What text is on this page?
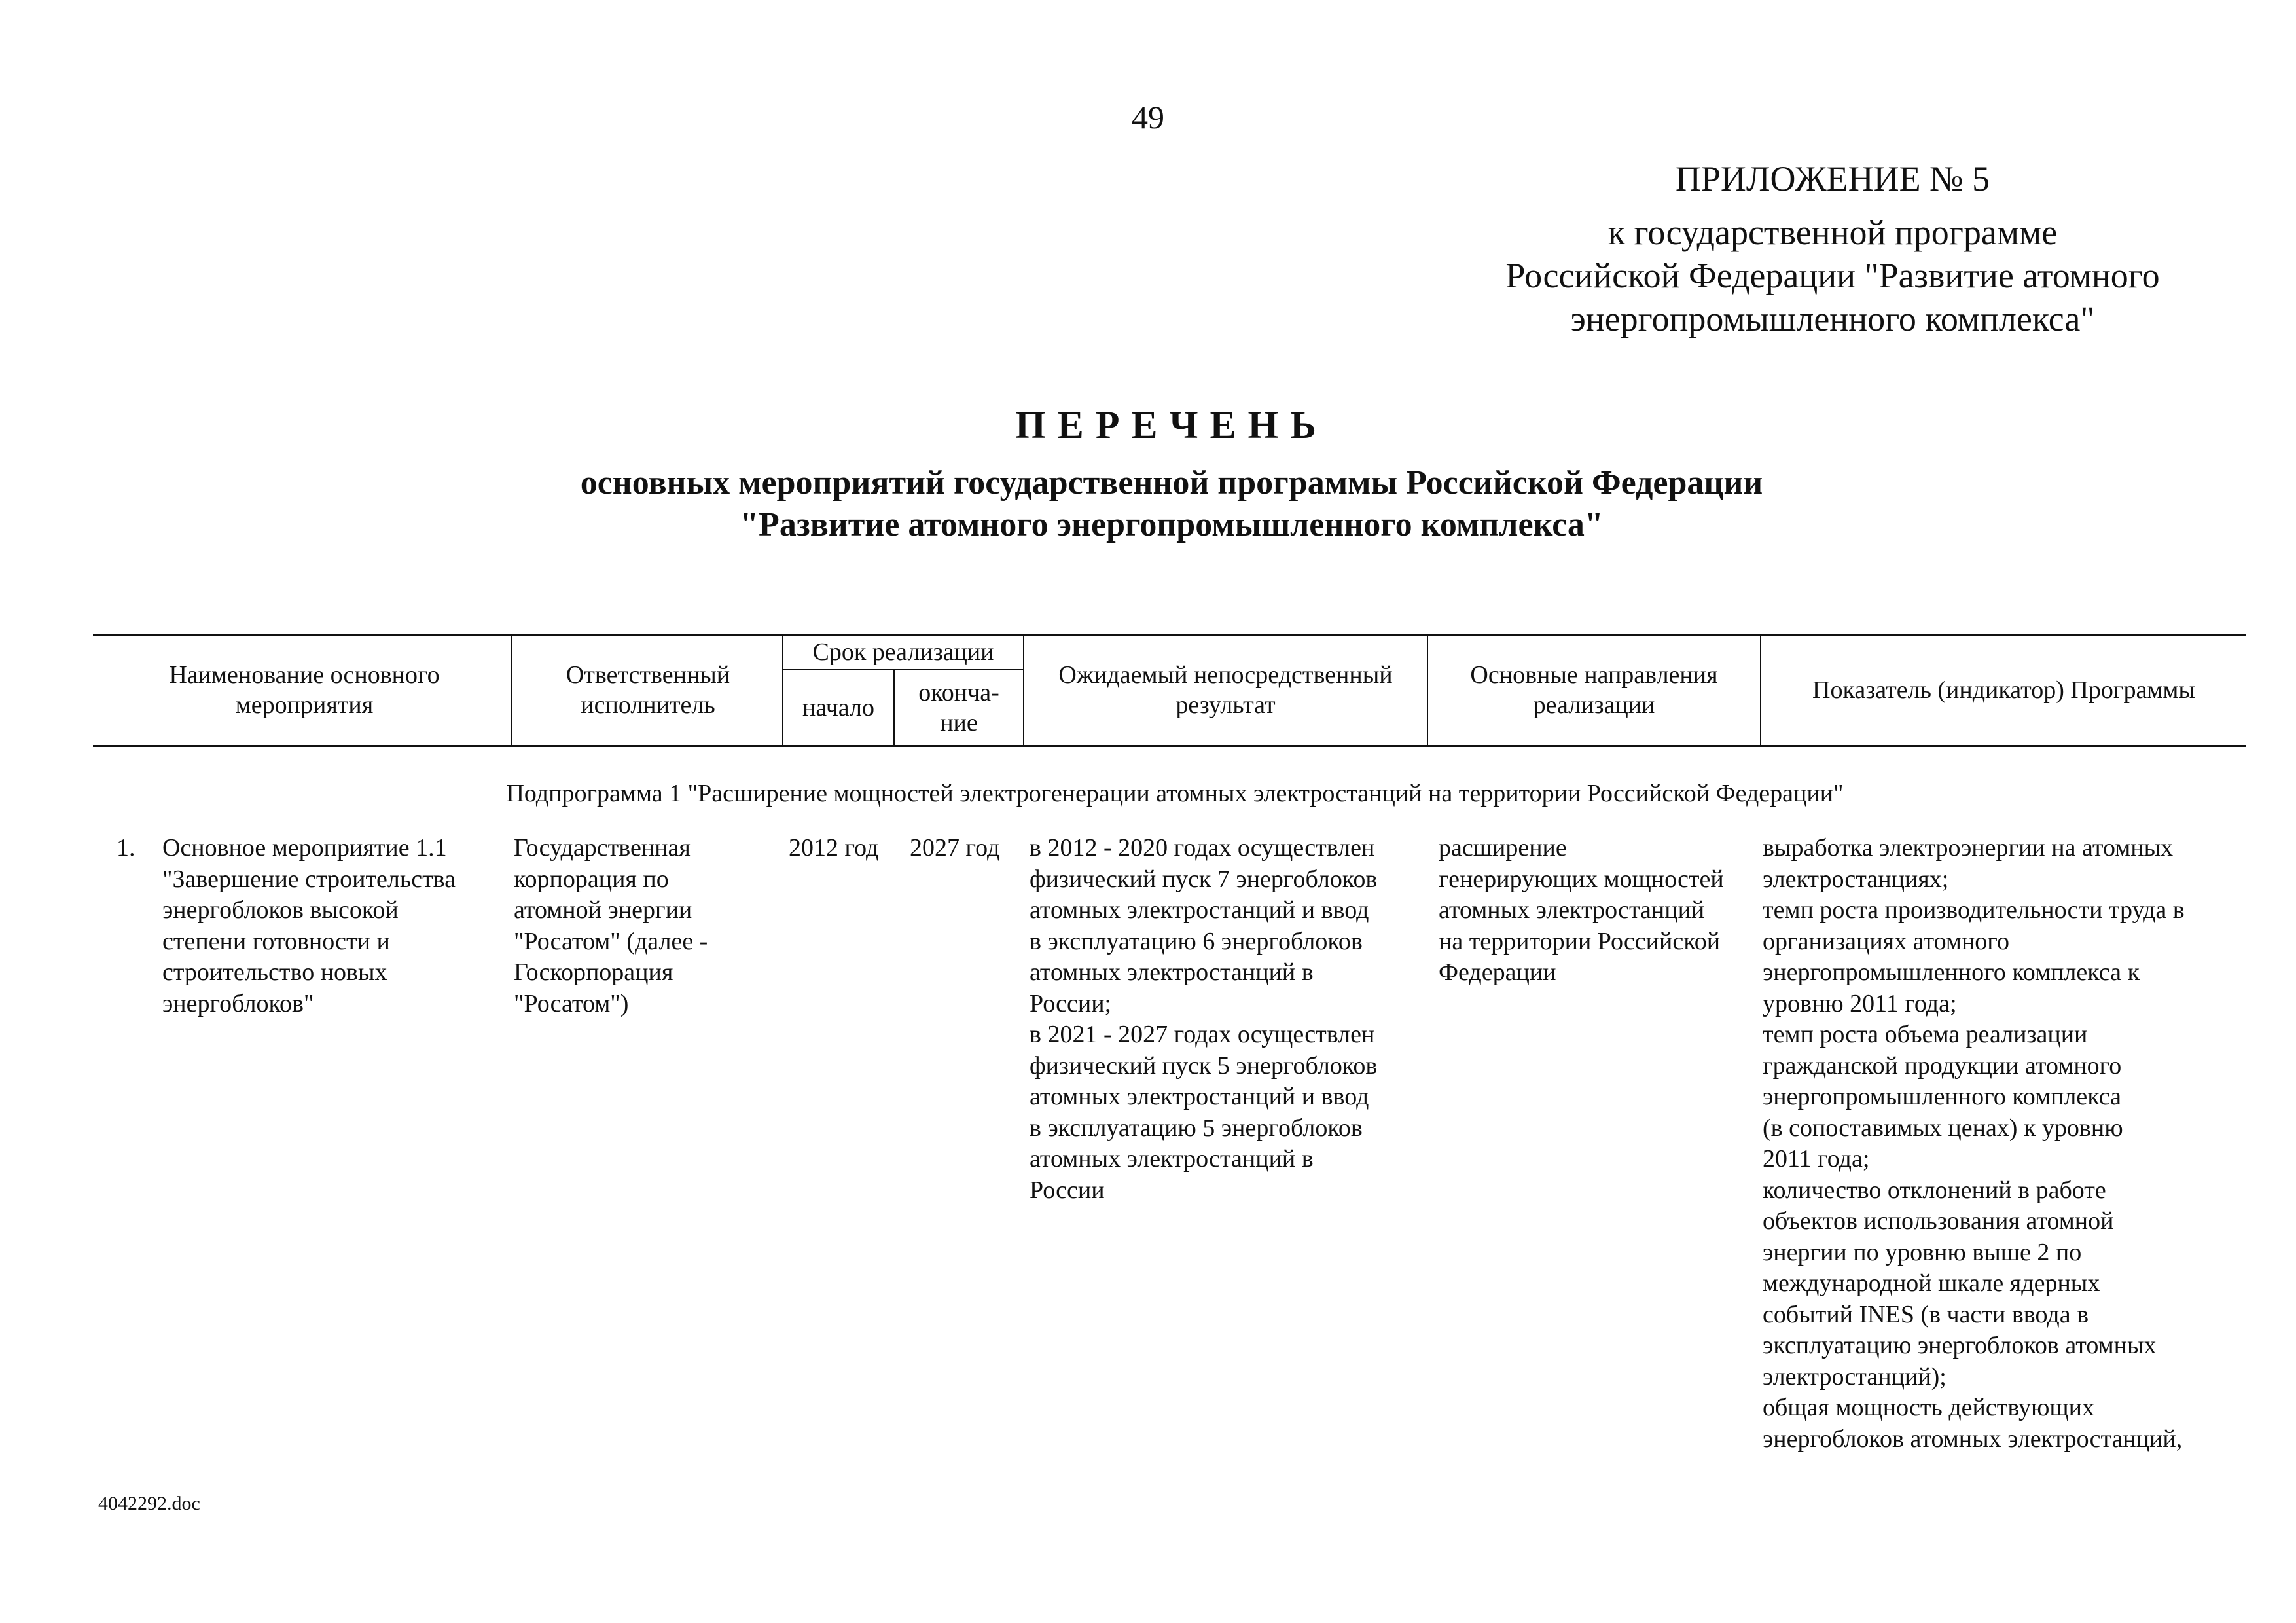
49
ПРИЛОЖЕНИЕ № 5
к государственной программе
Российской Федерации "Развитие атомного
энергопромышленного комплекса"
ПЕРЕЧЕНЬ
основных мероприятий государственной программы Российской Федерации
"Развитие атомного энергопромышленного комплекса"
Наименование основного мероприятия
Ответственный исполнитель
Срок реализации
начало
оконча-
ние
Ожидаемый непосредственный результат
Основные направления реализации
Показатель (индикатор) Программы
Подпрограмма 1 "Расширение мощностей электрогенерации атомных электростанций на территории Российской Федерации"
1. Основное мероприятие 1.1
"Завершение строительства
энергоблоков высокой
степени готовности и
строительство новых
энергоблоков"
Государственная
корпорация по
атомной энергии
"Росатом" (далее -
Госкорпорация
"Росатом")
2012 год 2027 год в 2012 - 2020 годах осуществлен
физический пуск 7 энергоблоков
атомных электростанций и ввод
в эксплуатацию 6 энергоблоков
атомных электростанций в
России;
в 2021 - 2027 годах осуществлен
физический пуск 5 энергоблоков
атомных электростанций и ввод
в эксплуатацию 5 энергоблоков
атомных электростанций в
России
расширение
генерирующих мощностей
атомных электростанций
на территории Российской
Федерации
выработка электроэнергии на атомных
электростанциях;
темп роста производительности труда в
организациях атомного
энергопромышленного комплекса к
уровню 2011 года;
темп роста объема реализации
гражданской продукции атомного
энергопромышленного комплекса
(в сопоставимых ценах) к уровню
2011 года;
количество отклонений в работе
объектов использования атомной
энергии по уровню выше 2 по
международной шкале ядерных
событий INES (в части ввода в
эксплуатацию энергоблоков атомных
электростанций);
общая мощность действующих
энергоблоков атомных электростанций,
4042292.doc
